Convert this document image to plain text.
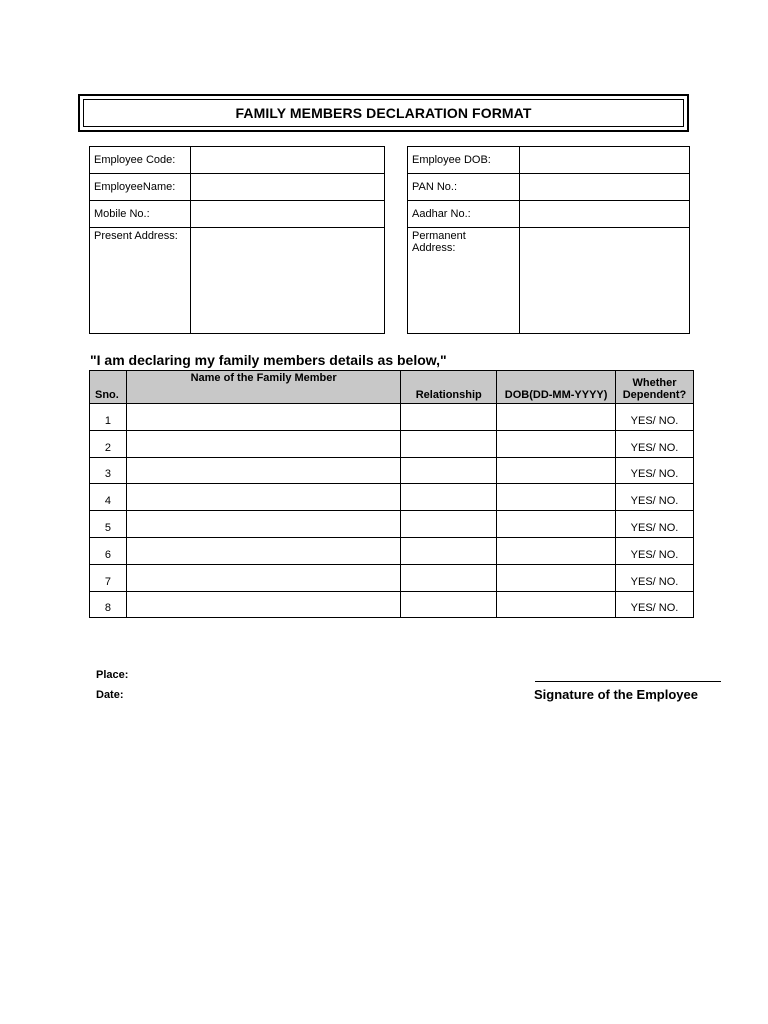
FAMILY MEMBERS DECLARATION FORMAT
Employee Code:	
EmployeeName:	
Mobile No.:	
Present Address:	
Employee DOB:	
PAN No.:	
Aadhar No.:	
Permanent Address:	
"I am declaring my family members details as below,"
Sno.	Name of the Family Member	Relationship	DOB(DD-MM-YYYY)	Whether Dependent?
1				YES/ NO.
2				YES/ NO.
3				YES/ NO.
4				YES/ NO.
5				YES/ NO.
6				YES/ NO.
7				YES/ NO.
8				YES/ NO.
Place:
Date:	Signature of the Employee
